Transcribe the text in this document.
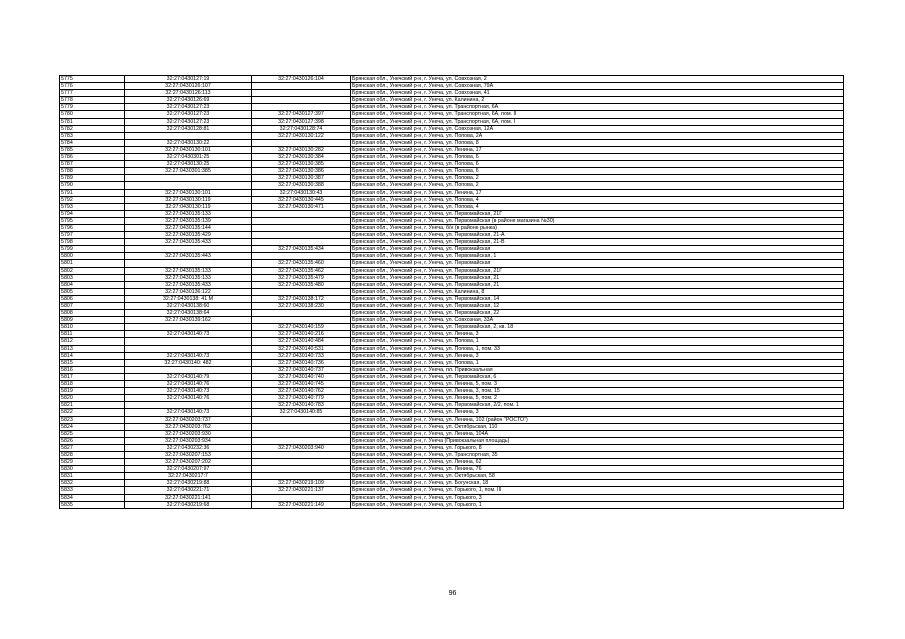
5775	32:27:0430127:19	32:27:0430126:104	Брянская обл., Унечский р-н, г. Унеча, ул. Совхозная, 2
5776	32:27:0430126:107		Брянская обл., Унечский р-н, г. Унеча, ул. Совхозная, 79А
5777	32:27:0430126:113		Брянская обл., Унечский р-н, г. Унеча, ул. Совхозная, 41
5778	32:27:0430126:69		Брянская обл., Унечский р-н, г. Унеча, ул. Калинина, 2
5779	32:27:0430127:23		Брянская обл., Унечский р-н, г. Унеча, ул. Транспортная, 6А
5780	32:27:0430127:23	32:27:0430127:397	Брянская обл., Унечский р-н, г. Унеча, ул. Транспортная, 6А, пом. II
5781	32:27:0430127:23	32:27:0430127:398	Брянская обл., Унечский р-н, г. Унеча, ул. Транспортная, 6А, пом. I
5782	32:27:0430128:81	32:27:0430128:74	Брянская обл., Унечский р-н, г. Унеча, ул. Совхозная, 12А
5783		32:27:0430130:122	Брянская обл., Унечский р-н, г. Унеча, ул. Попова, 2А
5784	32:27:0430130:22		Брянская обл., Унечский р-н, г. Унеча, ул. Попова, 8
5785	32:27:0430130:101	32:27:0430130:282	Брянская обл., Унечский р-н, г. Унеча, ул. Ленина, 17
5786	32:27:0430301:25	32:27:0430130:384	Брянская обл., Унечский р-н, г. Унеча, ул. Попова, 6
5787	32:27:0430130:25	32:27:0430130:385	Брянская обл., Унечский р-н, г. Унеча, ул. Попова, 6
5788	32:27:0430301:385	32:27:0430130:386	Брянская обл., Унечский р-н, г. Унеча, ул. Попова, 6
5789		32:27:0430130:387	Брянская обл., Унечский р-н, г. Унеча, ул. Попова, 2
5790		32:27:0430130:388	Брянская обл., Унечский р-н, г. Унеча, ул. Попова, 2
5791	32:27:0430130:101	32:27:0430130:43	Брянская обл., Унечский р-н, г. Унеча, ул. Ленина, 17
5792	32:27:0430130:119	32:27:0430130:445	Брянская обл., Унечский р-н, г. Унеча, ул. Попова, 4
5793	32:27:0430130:119	32:27:0430130:471	Брянская обл., Унечский р-н, г. Унеча, ул. Попова, 4
5794	32:27:0430135:133		Брянская обл., Унечский р-н, г. Унеча, ул. Первомайская, 21Г
5795	32:27:0430135:139		Брянская обл., Унечский р-н, г. Унеча, ул. Первомайская (в районе магазина №30)
5796	32:27:0430135:144		Брянская обл., Унечский р-н, г. Унеча, б/н (в районе рынка)
5797	32:27:0430135:429		Брянская обл., Унечский р-н, г. Унеча, ул. Первомайская, 21-А
5798	32:27:0430135:433		Брянская обл., Унечский р-н, г. Унеча, ул. Первомайская, 21-В
5799		32:27:0430135:434	Брянская обл., Унечский р-н, г. Унеча, ул. Первомайская
5800	32:27:0430135:443		Брянская обл., Унечский р-н, г. Унеча, ул. Первомайская, 1
5801		32:27:0430135:460	Брянская обл., Унечский р-н, г. Унеча, ул. Первомайская
5802	32:27:0430135:133	32:27:0430135:462	Брянская обл., Унечский р-н, г. Унеча, ул. Первомайская, 21Г
5803	32:27:0430135:133	32:27:0430135:479	Брянская обл., Унечский р-н, г. Унеча, ул. Первомайская, 21
5804	32:27:0430135:433	32:27:0430135:480	Брянская обл., Унечский р-н, г. Унеча, ул. Первомайская, 21
5805	32:27:0430136:122		Брянская обл., Унечский р-н, г. Унеча, ул. Калинина, 8
5806	32:27:0430138: 41 М	32:27:0430138:172	Брянская обл., Унечский р-н, г. Унеча, ул. Первомайская, 14
5807	32:27:0430138:60	32:27:0430138:230	Брянская обл., Унечский р-н, г. Унеча, ул. Первомайская, 12
5808	32:27:0430138:64		Брянская обл., Унечский р-н, г. Унеча, ул. Первомайская, 22
5809	32:27:0430139:162		Брянская обл., Унечский р-н, г. Унеча, ул. Совхозная, 33А
5810		32:27:0430140:159	Брянская обл., Унечский р-н, г. Унеча, ул. Первомайская, 2, кв. 18
5811	32:27:0430140:73	32:27:0430140:216	Брянская обл., Унечский р-н, г. Унеча, ул. Ленина, 3
5812		32:27:0430140:484	Брянская обл., Унечский р-н, г. Унеча, ул. Попова, 1
5813		32:27:0430140:531	Брянская обл., Унечский р-н, г. Унеча, ул. Попова, 1, пом. 33
5814	32:27:0430140:73	32:27:0430140:733	Брянская обл., Унечский р-н, г. Унеча, ул. Ленина, 3
5815	32:27:0430140: 482	32:27:0430140:736	Брянская обл., Унечский р-н, г. Унеча, ул. Попова, 1
5816		32:27:0430140:737	Брянская обл., Унечский р-н, г. Унеча, пл. Привокзальная
5817	32:27:0430140:79	32:27:0430140:740	Брянская обл., Унечский р-н, г. Унеча, ул. Первомайская, 6
5818	32:27:0430140:76	32:27:0430140:745	Брянская обл., Унечский р-н, г. Унеча, ул. Ленина, 5, пом. 3
5819	32:27:0430140:73	32:27:0430140:762	Брянская обл., Унечский р-н, г. Унеча, ул. Ленина, 3, пом. 15
5820	32:27:0430140:76	32:27:0430140:779	Брянская обл., Унечский р-н, г. Унеча, ул. Ленина, 5, пом. 2
5821		32:27:0430140:783	Брянская обл., Унечский р-н, г. Унеча, ул. Первомайская, 2/2, пом. 1
5822	32:27:0430140:73	32:27:0430140:85	Брянская обл., Унечский р-н, г. Унеча, ул. Ленина, 3
5823	32:27:0430203:737		Брянская обл., Унечский р-н, г. Унеча, ул. Ленина, 102 (район "РОСТО")
5824	32:27:0430203:762		Брянская обл., Унечский р-н, г. Унеча, ул. Октябрьская, 110
5825	32:27:0430203:930		Брянская обл., Унечский р-н, г. Унеча, ул. Ленина, 104А
5826	32:27:0430203:934		Брянская обл., Унечский р-н, г. Унеча (Привокзальная площадь)
5827	32:27:0430232:36	32:27:0430203:940	Брянская обл., Унечский р-н, г. Унеча, ул. Горького, 8
5828	32:27:0430207:153		Брянская обл., Унечский р-н, г. Унеча, ул. Транспортная, 35
5829	32:27:0430207:202		Брянская обл., Унечский р-н, г. Унеча, ул. Ленина, 62
5830	32:27:0430207:97		Брянская обл., Унечский р-н, г. Унеча, ул. Ленина, 76
5831	32:27:0430217:7		Брянская обл., Унечский р-н, г. Унеча, ул. Октябрьская, 58
5832	32:27:0430219:88	32:27:0430219:109	Брянская обл., Унечский р-н, г. Унеча, ул. Богунская, 18
5833	32:27:0430221:71	32:27:0430221:137	Брянская обл., Унечский р-н, г. Унеча, ул. Горького, 1, пом. III
5834	32:27:0430221:141		Брянская обл., Унечский р-н, г. Унеча, ул. Горького, 3
5835	32:27:0430219:68	32:27:0430221:149	Брянская обл., Унечский р-н, г. Унеча, ул. Горького, 1
96
